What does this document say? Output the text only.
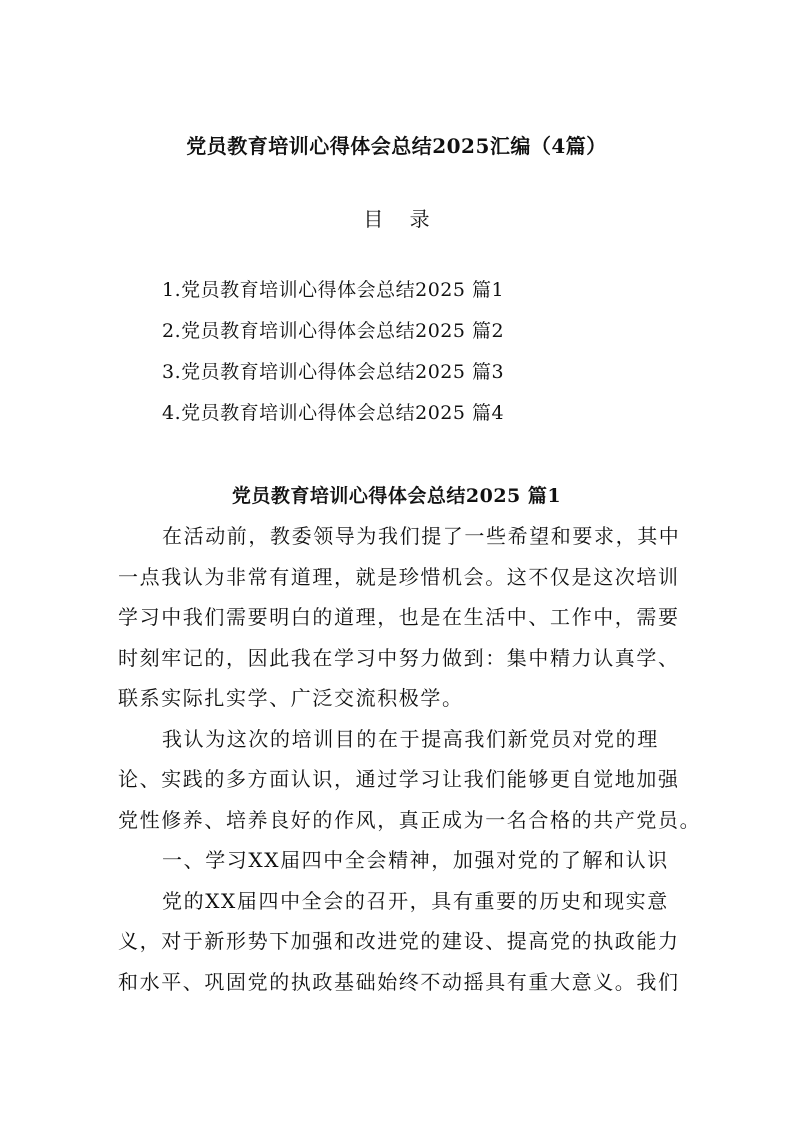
党员教育培训心得体会总结2025汇编（4篇）
目 录
1.党员教育培训心得体会总结2025 篇1
2.党员教育培训心得体会总结2025 篇2
3.党员教育培训心得体会总结2025 篇3
4.党员教育培训心得体会总结2025 篇4
党员教育培训心得体会总结2025 篇1
在活动前，教委领导为我们提了一些希望和要求，其中
一点我认为非常有道理，就是珍惜机会。这不仅是这次培训
学习中我们需要明白的道理，也是在生活中、工作中，需要
时刻牢记的，因此我在学习中努力做到：集中精力认真学、
联系实际扎实学、广泛交流积极学。
我认为这次的培训目的在于提高我们新党员对党的理
论、实践的多方面认识，通过学习让我们能够更自觉地加强
党性修养、培养良好的作风，真正成为一名合格的共产党员。
一、学习XX届四中全会精神，加强对党的了解和认识
党的XX届四中全会的召开，具有重要的历史和现实意
义，对于新形势下加强和改进党的建设、提高党的执政能力
和水平、巩固党的执政基础始终不动摇具有重大意义。我们
